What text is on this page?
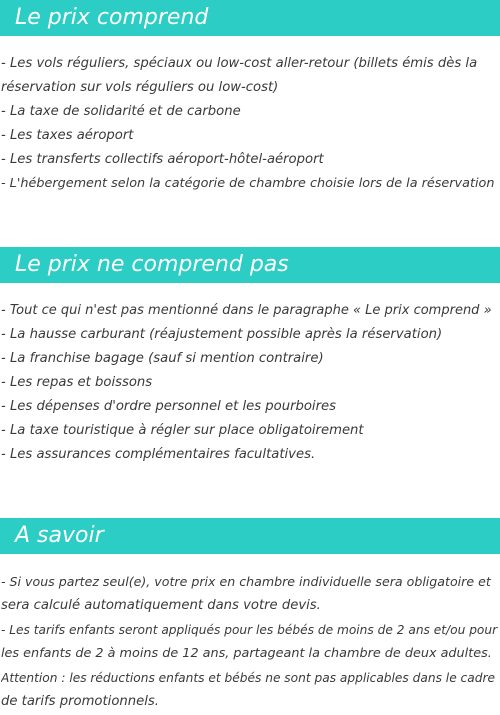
Le prix comprend
- Les vols réguliers, spéciaux ou low-cost aller-retour (billets émis dès la
réservation sur vols réguliers ou low-cost)
- La taxe de solidarité et de carbone
- Les taxes aéroport
- Les transferts collectifs aéroport-hôtel-aéroport
- L'hébergement selon la catégorie de chambre choisie lors de la réservation
Le prix ne comprend pas
- Tout ce qui n'est pas mentionné dans le paragraphe « Le prix comprend »
- La hausse carburant (réajustement possible après la réservation)
- La franchise bagage (sauf si mention contraire)
- Les repas et boissons
- Les dépenses d'ordre personnel et les pourboires
- La taxe touristique à régler sur place obligatoirement
- Les assurances complémentaires facultatives.
A savoir
- Si vous partez seul(e), votre prix en chambre individuelle sera obligatoire et
sera calculé automatiquement dans votre devis.
- Les tarifs enfants seront appliqués pour les bébés de moins de 2 ans et/ou pour
les enfants de 2 à moins de 12 ans, partageant la chambre de deux adultes.
Attention : les réductions enfants et bébés ne sont pas applicables dans le cadre
de tarifs promotionnels.
